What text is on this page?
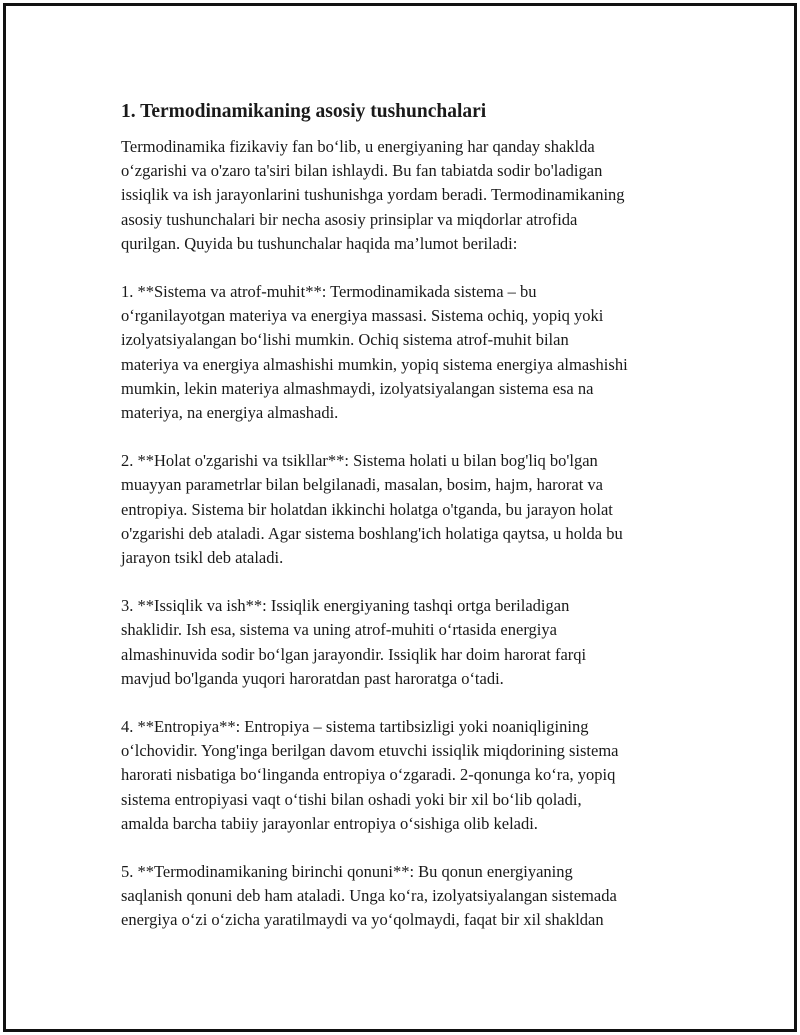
1. Termodinamikaning asosiy tushunchalari

Termodinamika fizikaviy fan bo‘lib, u energiyaning har qanday shaklda
o‘zgarishi va o'zaro ta'siri bilan ishlaydi. Bu fan tabiatda sodir bo'ladigan
issiqlik va ish jarayonlarini tushunishga yordam beradi. Termodinamikaning
asosiy tushunchalari bir necha asosiy prinsiplar va miqdorlar atrofida
qurilgan. Quyida bu tushunchalar haqida ma’lumot beriladi:

1. **Sistema va atrof-muhit**: Termodinamikada sistema – bu
o‘rganilayotgan materiya va energiya massasi. Sistema ochiq, yopiq yoki
izolyatsiyalangan bo‘lishi mumkin. Ochiq sistema atrof-muhit bilan
materiya va energiya almashishi mumkin, yopiq sistema energiya almashishi
mumkin, lekin materiya almashmaydi, izolyatsiyalangan sistema esa na
materiya, na energiya almashadi.

2. **Holat o'zgarishi va tsikllar**: Sistema holati u bilan bog'liq bo'lgan
muayyan parametrlar bilan belgilanadi, masalan, bosim, hajm, harorat va
entropiya. Sistema bir holatdan ikkinchi holatga o'tganda, bu jarayon holat
o'zgarishi deb ataladi. Agar sistema boshlang'ich holatiga qaytsa, u holda bu
jarayon tsikl deb ataladi.

3. **Issiqlik va ish**: Issiqlik energiyaning tashqi ortga beriladigan
shaklidir. Ish esa, sistema va uning atrof-muhiti o‘rtasida energiya
almashinuvida sodir bo‘lgan jarayondir. Issiqlik har doim harorat farqi
mavjud bo'lganda yuqori haroratdan past haroratga o‘tadi.

4. **Entropiya**: Entropiya – sistema tartibsizligi yoki noaniqligining
o‘lchovidir. Yong'inga berilgan davom etuvchi issiqlik miqdorining sistema
harorati nisbatiga bo‘linganda entropiya o‘zgaradi. 2-qonunga ko‘ra, yopiq
sistema entropiyasi vaqt o‘tishi bilan oshadi yoki bir xil bo‘lib qoladi,
amalda barcha tabiiy jarayonlar entropiya o‘sishiga olib keladi.

5. **Termodinamikaning birinchi qonuni**: Bu qonun energiyaning
saqlanish qonuni deb ham ataladi. Unga ko‘ra, izolyatsiyalangan sistemada
energiya o‘zi o‘zicha yaratilmaydi va yo‘qolmaydi, faqat bir xil shakldan
